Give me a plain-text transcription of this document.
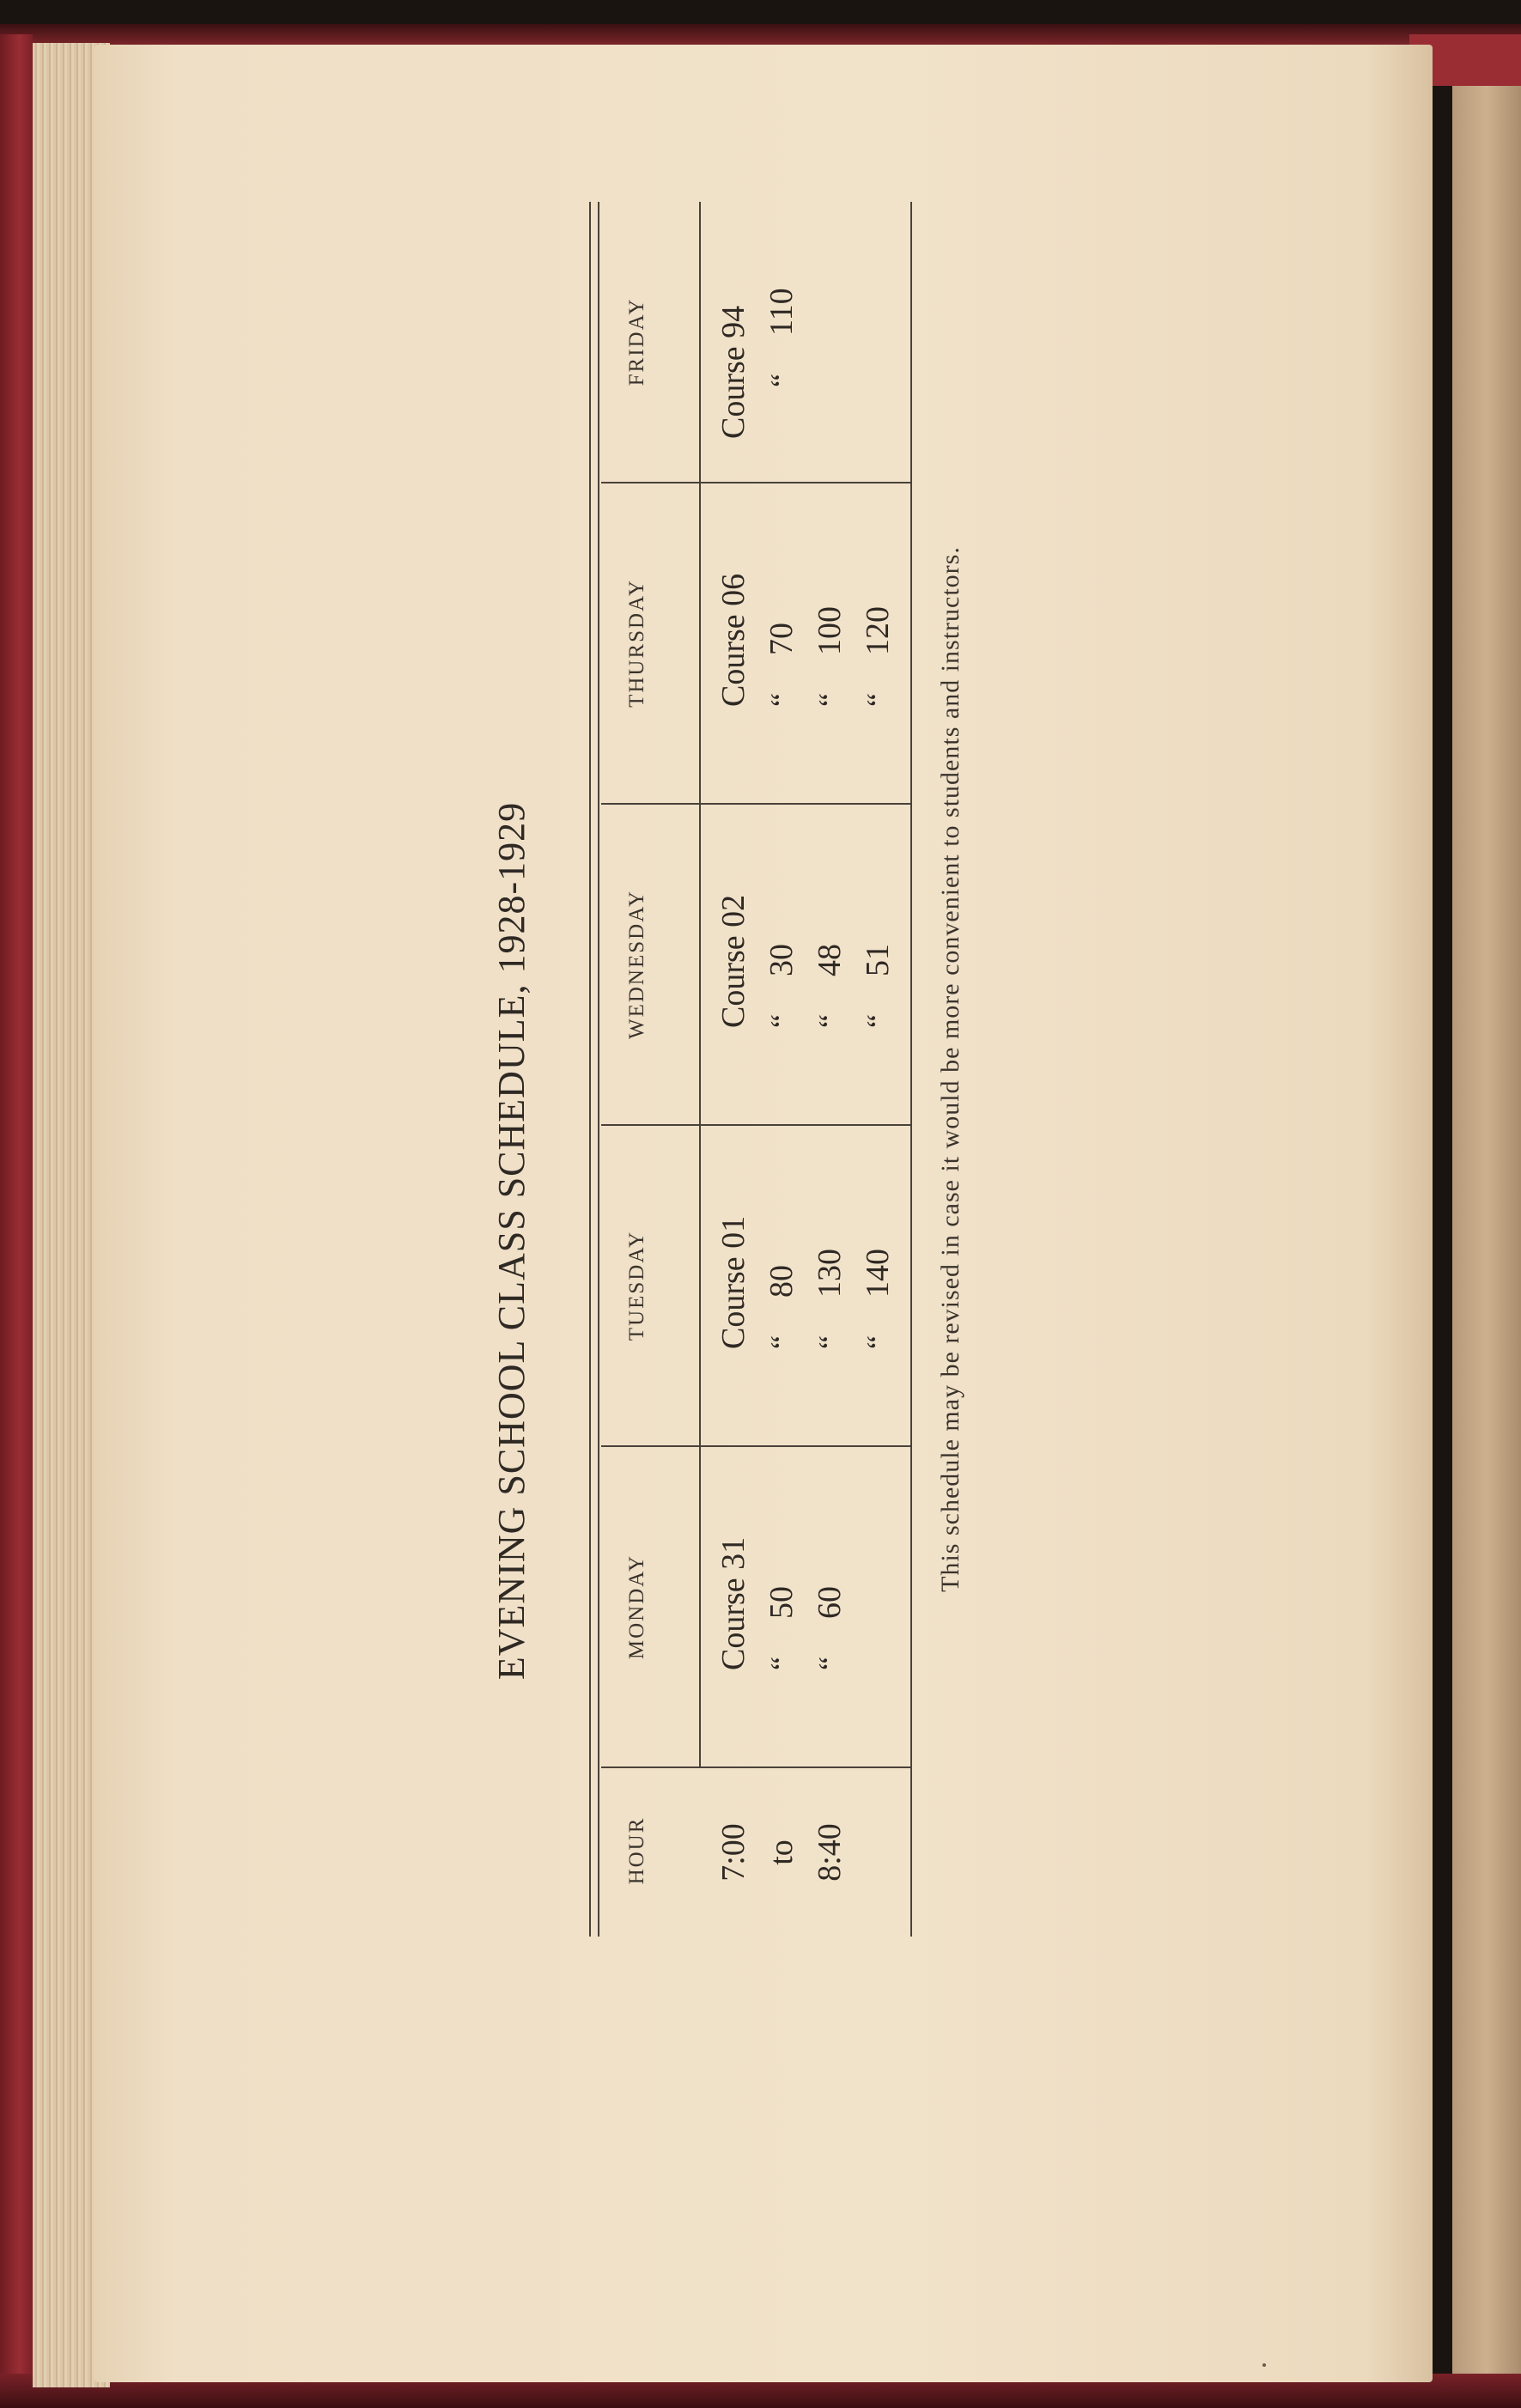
EVENING SCHOOL CLASS SCHEDULE, 1928-1929
HOUR
MONDAY
TUESDAY
WEDNESDAY
THURSDAY
FRIDAY
7:00 to 8:40
Course 31 “50
“60
Course 01 “80
“130
“140
Course 02 “30
“48
“51
Course 06 “70
“100
“120
Course 94 “110
This schedule may be revised in case it would be more convenient to students and instructors.
